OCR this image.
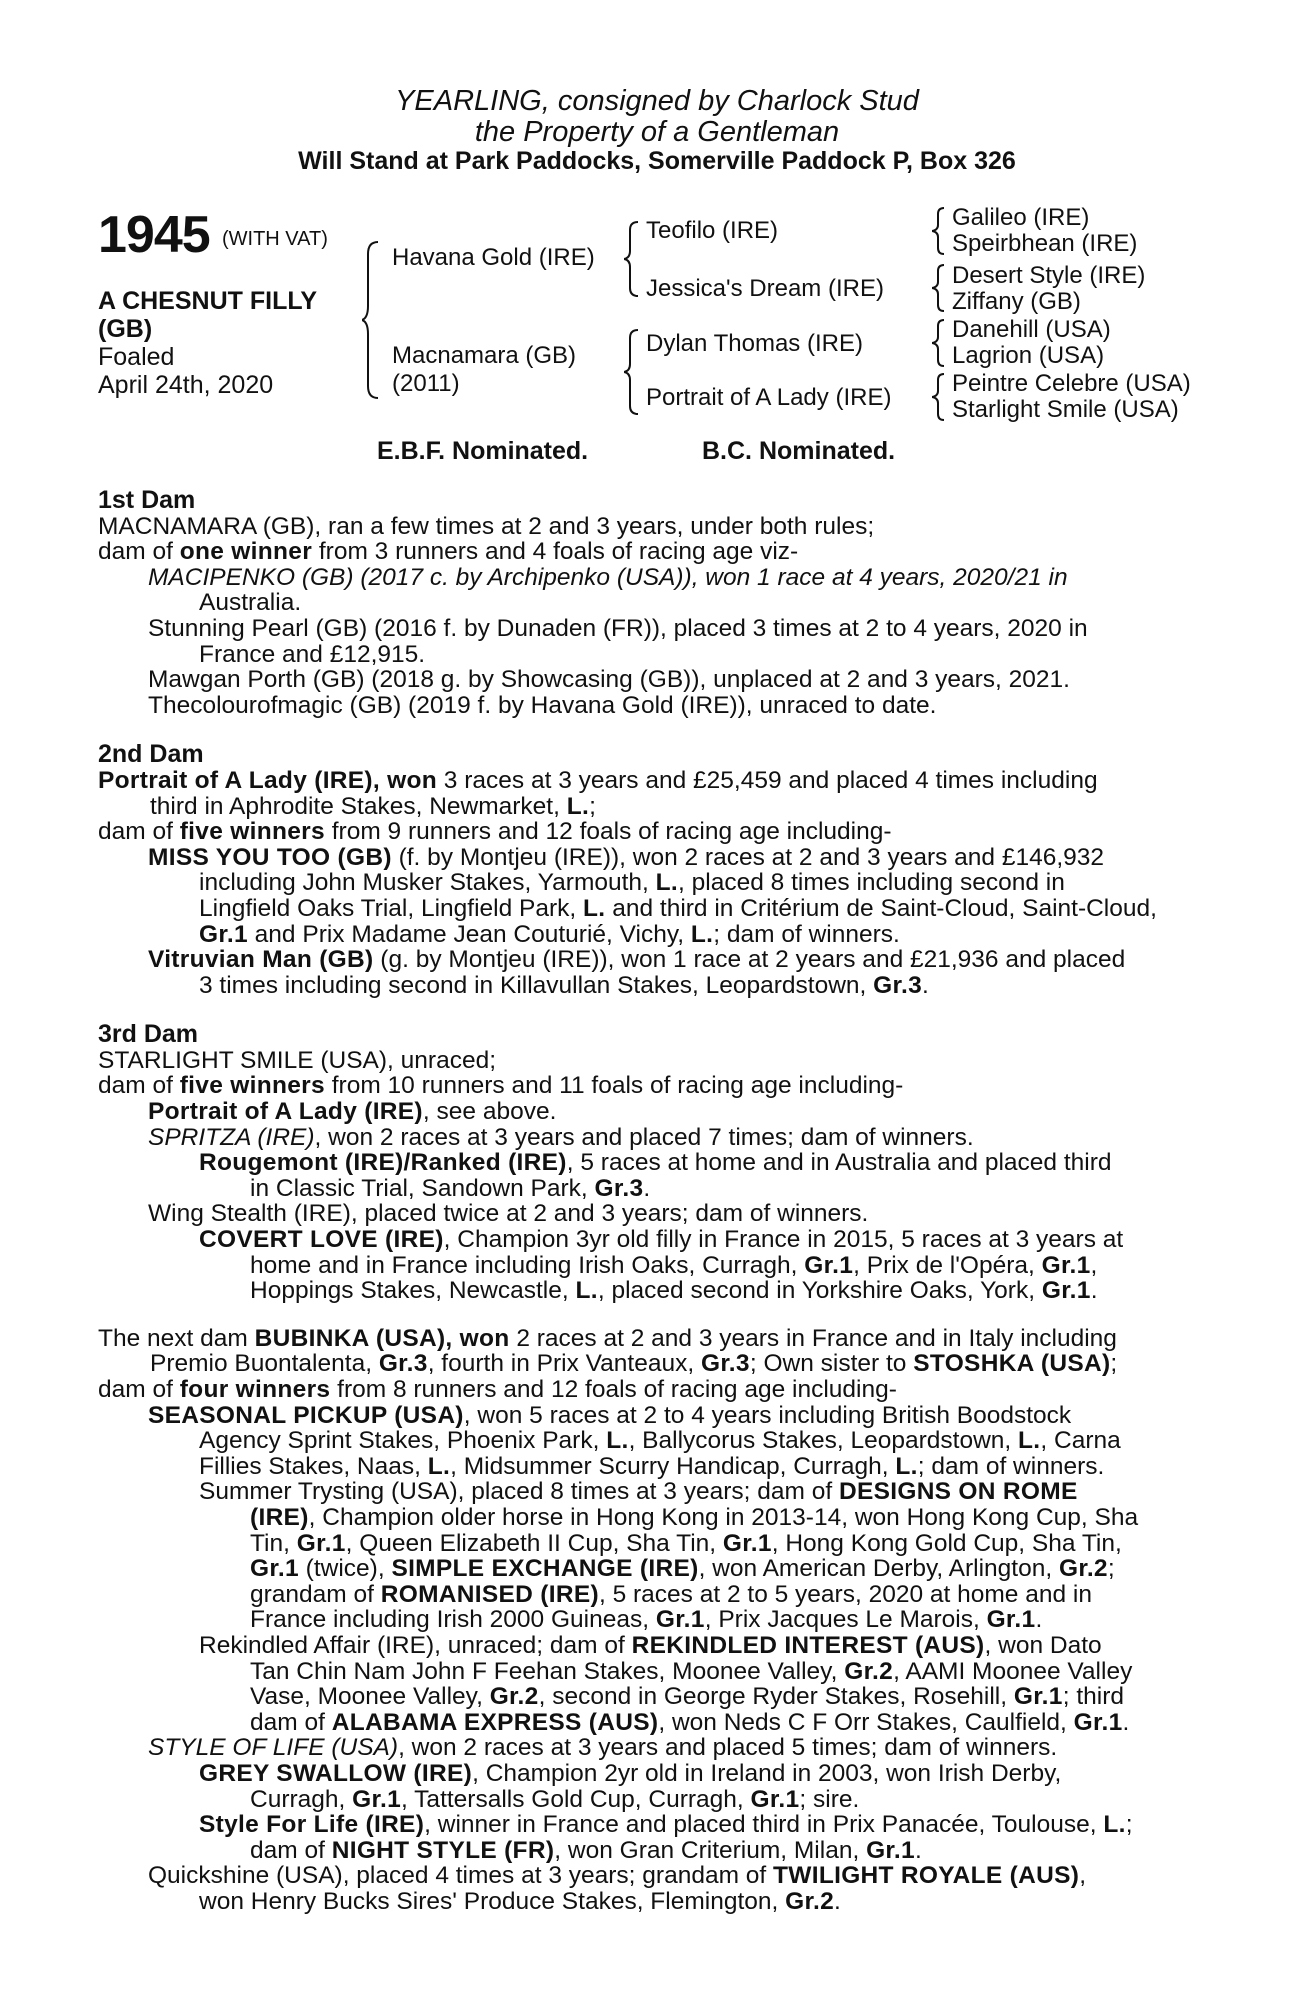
YEARLING, consigned by Charlock Stud
the Property of a Gentleman
Will Stand at Park Paddocks, Somerville Paddock P, Box 326
1945 (WITH VAT)
A CHESNUT FILLY
(GB)
Foaled
April 24th, 2020
Havana Gold (IRE)
Macnamara (GB)
(2011)
Teofilo (IRE)
Jessica's Dream (IRE)
Dylan Thomas (IRE)
Portrait of A Lady (IRE)
Galileo (IRE)
Speirbhean (IRE)
Desert Style (IRE)
Ziffany (GB)
Danehill (USA)
Lagrion (USA)
Peintre Celebre (USA)
Starlight Smile (USA)
E.B.F. Nominated.	B.C. Nominated.
1st Dam
MACNAMARA (GB), ran a few times at 2 and 3 years, under both rules;
dam of one winner from 3 runners and 4 foals of racing age viz-
MACIPENKO (GB) (2017 c. by Archipenko (USA)), won 1 race at 4 years, 2020/21 in
Australia.
Stunning Pearl (GB) (2016 f. by Dunaden (FR)), placed 3 times at 2 to 4 years, 2020 in
France and £12,915.
Mawgan Porth (GB) (2018 g. by Showcasing (GB)), unplaced at 2 and 3 years, 2021.
Thecolourofmagic (GB) (2019 f. by Havana Gold (IRE)), unraced to date.
2nd Dam
Portrait of A Lady (IRE), won 3 races at 3 years and £25,459 and placed 4 times including
third in Aphrodite Stakes, Newmarket, L.;
dam of five winners from 9 runners and 12 foals of racing age including-
MISS YOU TOO (GB) (f. by Montjeu (IRE)), won 2 races at 2 and 3 years and £146,932
including John Musker Stakes, Yarmouth, L., placed 8 times including second in
Lingfield Oaks Trial, Lingfield Park, L. and third in Critérium de Saint-Cloud, Saint-Cloud,
Gr.1 and Prix Madame Jean Couturié, Vichy, L.; dam of winners.
Vitruvian Man (GB) (g. by Montjeu (IRE)), won 1 race at 2 years and £21,936 and placed
3 times including second in Killavullan Stakes, Leopardstown, Gr.3.
3rd Dam
STARLIGHT SMILE (USA), unraced;
dam of five winners from 10 runners and 11 foals of racing age including-
Portrait of A Lady (IRE), see above.
SPRITZA (IRE), won 2 races at 3 years and placed 7 times; dam of winners.
Rougemont (IRE)/Ranked (IRE), 5 races at home and in Australia and placed third
in Classic Trial, Sandown Park, Gr.3.
Wing Stealth (IRE), placed twice at 2 and 3 years; dam of winners.
COVERT LOVE (IRE), Champion 3yr old filly in France in 2015, 5 races at 3 years at
home and in France including Irish Oaks, Curragh, Gr.1, Prix de l'Opéra, Gr.1,
Hoppings Stakes, Newcastle, L., placed second in Yorkshire Oaks, York, Gr.1.
The next dam BUBINKA (USA), won 2 races at 2 and 3 years in France and in Italy including
Premio Buontalenta, Gr.3, fourth in Prix Vanteaux, Gr.3; Own sister to STOSHKA (USA);
dam of four winners from 8 runners and 12 foals of racing age including-
SEASONAL PICKUP (USA), won 5 races at 2 to 4 years including British Boodstock
Agency Sprint Stakes, Phoenix Park, L., Ballycorus Stakes, Leopardstown, L., Carna
Fillies Stakes, Naas, L., Midsummer Scurry Handicap, Curragh, L.; dam of winners.
Summer Trysting (USA), placed 8 times at 3 years; dam of DESIGNS ON ROME
(IRE), Champion older horse in Hong Kong in 2013-14, won Hong Kong Cup, Sha
Tin, Gr.1, Queen Elizabeth II Cup, Sha Tin, Gr.1, Hong Kong Gold Cup, Sha Tin,
Gr.1 (twice), SIMPLE EXCHANGE (IRE), won American Derby, Arlington, Gr.2;
grandam of ROMANISED (IRE), 5 races at 2 to 5 years, 2020 at home and in
France including Irish 2000 Guineas, Gr.1, Prix Jacques Le Marois, Gr.1.
Rekindled Affair (IRE), unraced; dam of REKINDLED INTEREST (AUS), won Dato
Tan Chin Nam John F Feehan Stakes, Moonee Valley, Gr.2, AAMI Moonee Valley
Vase, Moonee Valley, Gr.2, second in George Ryder Stakes, Rosehill, Gr.1; third
dam of ALABAMA EXPRESS (AUS), won Neds C F Orr Stakes, Caulfield, Gr.1.
STYLE OF LIFE (USA), won 2 races at 3 years and placed 5 times; dam of winners.
GREY SWALLOW (IRE), Champion 2yr old in Ireland in 2003, won Irish Derby,
Curragh, Gr.1, Tattersalls Gold Cup, Curragh, Gr.1; sire.
Style For Life (IRE), winner in France and placed third in Prix Panacée, Toulouse, L.;
dam of NIGHT STYLE (FR), won Gran Criterium, Milan, Gr.1.
Quickshine (USA), placed 4 times at 3 years; grandam of TWILIGHT ROYALE (AUS),
won Henry Bucks Sires' Produce Stakes, Flemington, Gr.2.
